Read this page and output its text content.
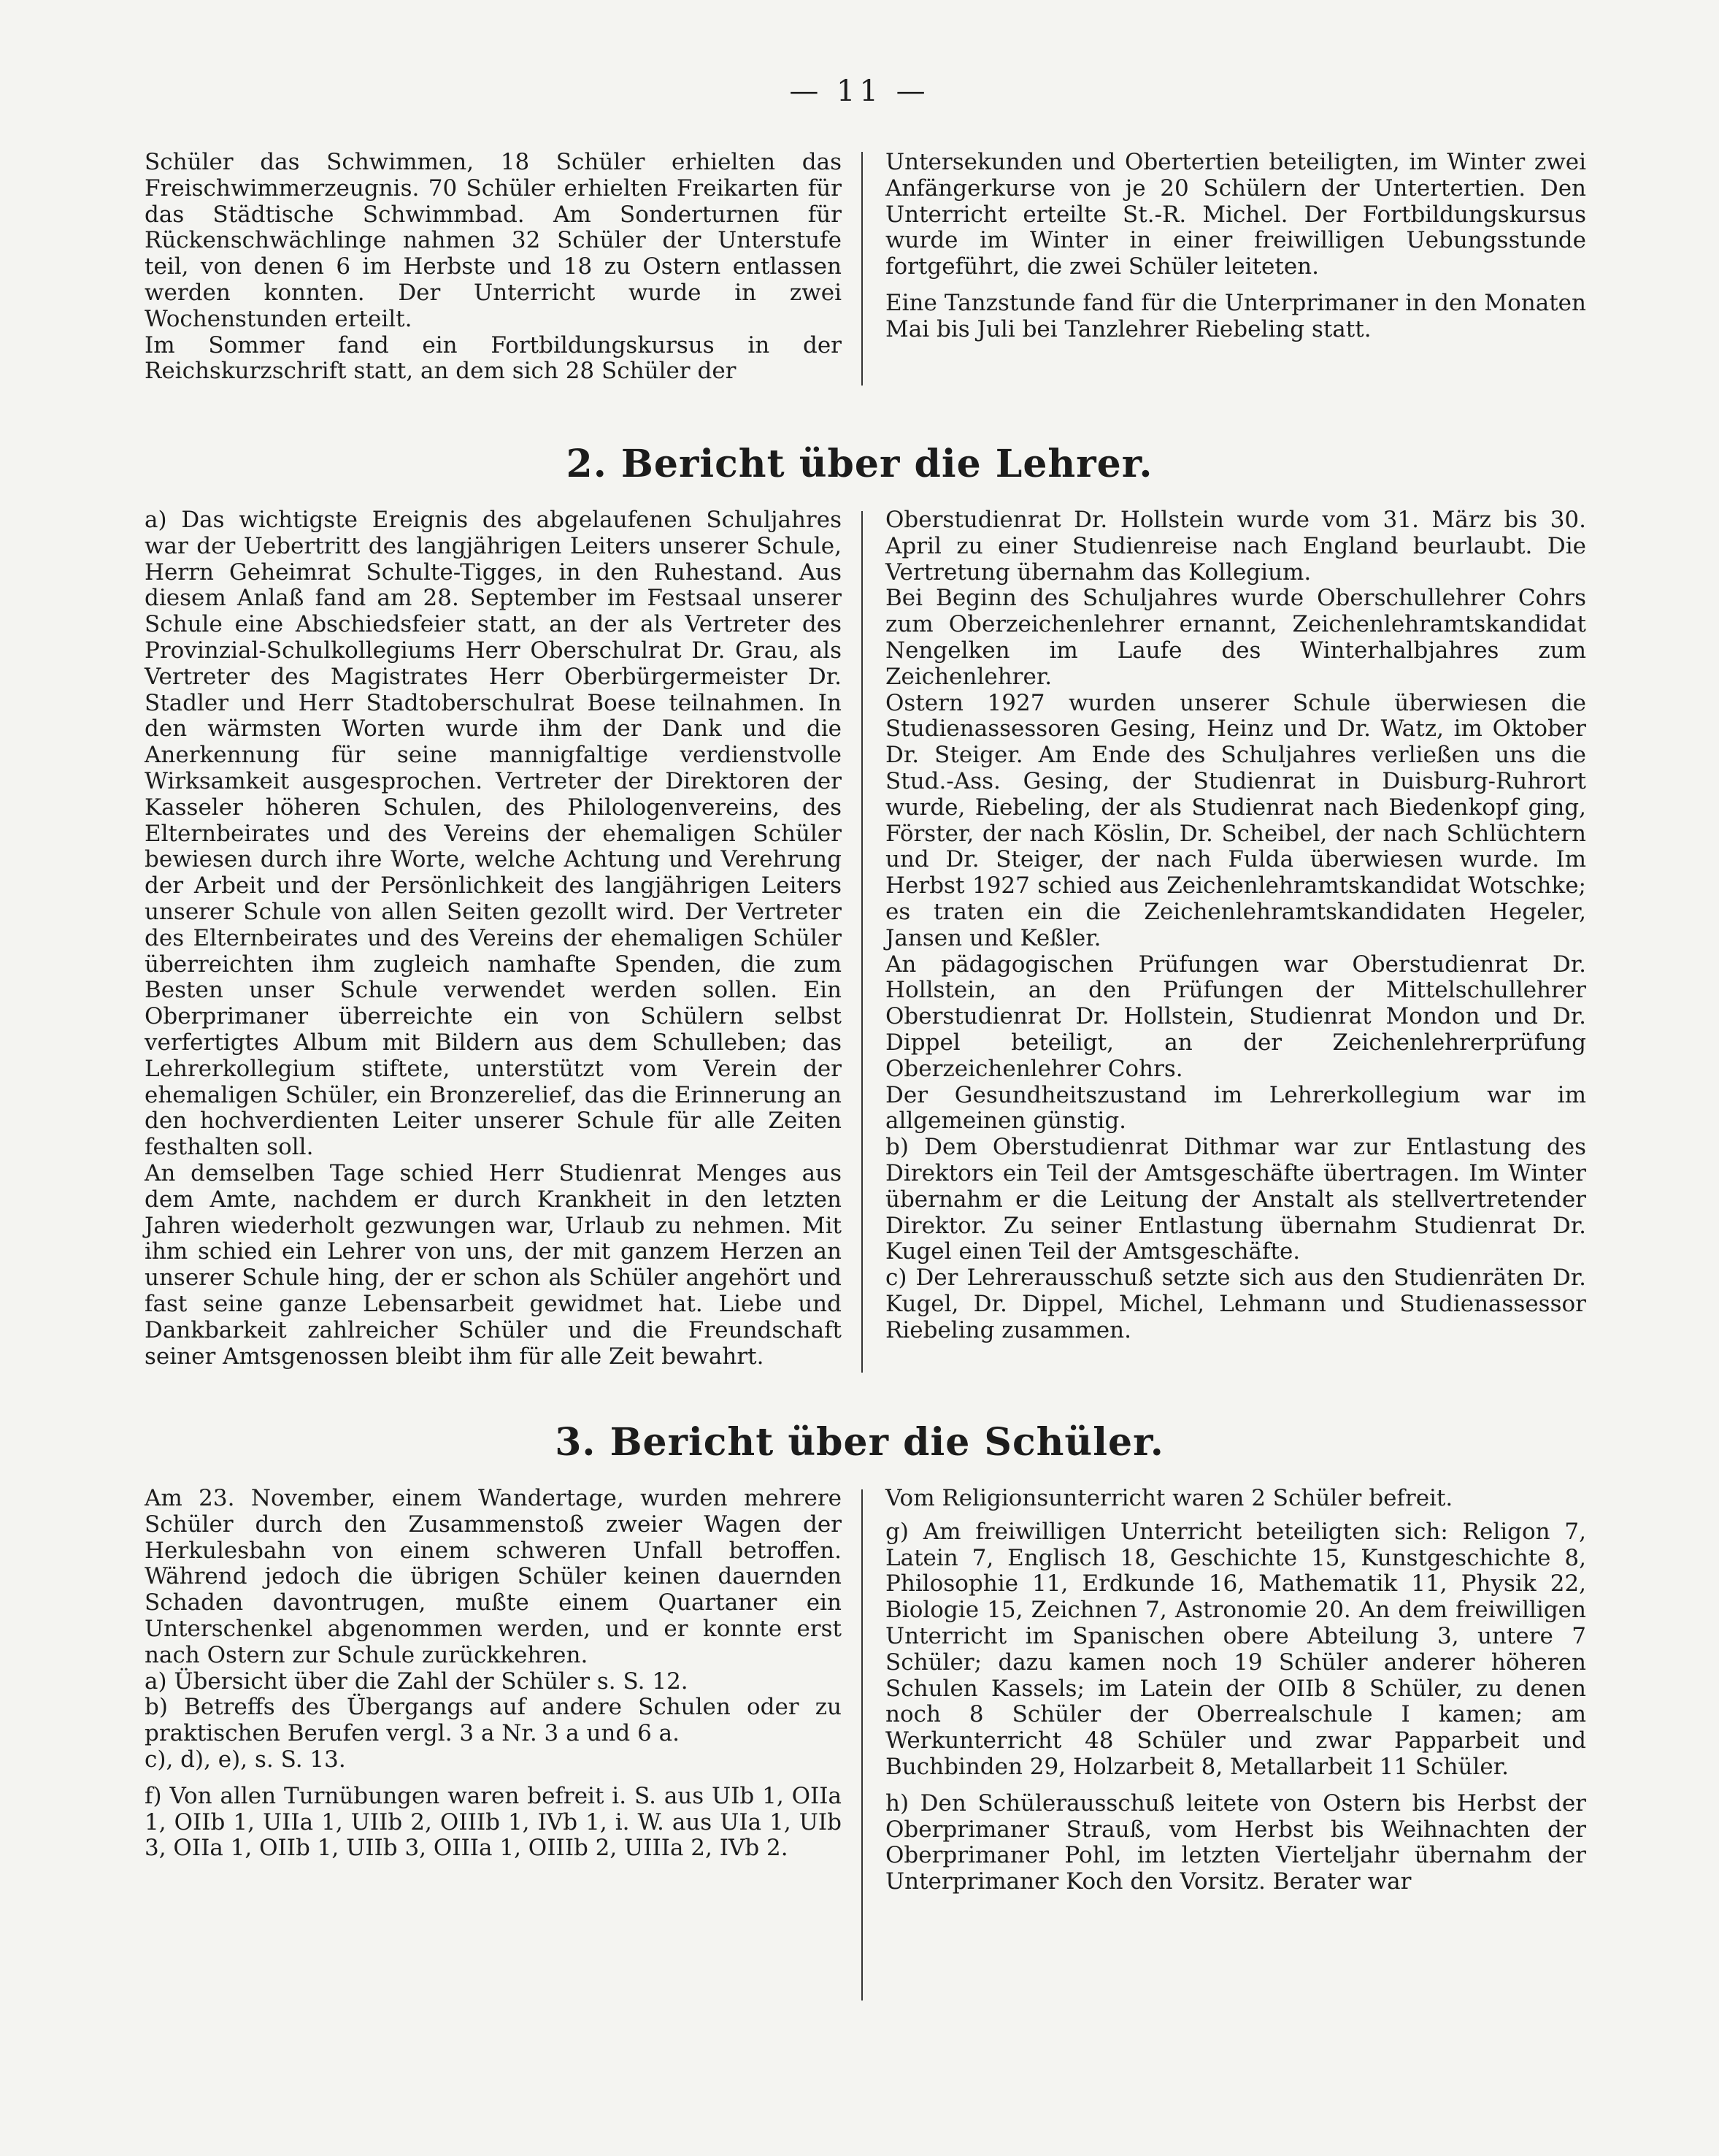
— 11 —

Schüler das Schwimmen, 18 Schüler erhielten das Freischwimmerzeugnis. 70 Schüler erhielten Freikarten für das Städtische Schwimmbad. Am Sonderturnen für Rückenschwächlinge nahmen 32 Schüler der Unterstufe teil, von denen 6 im Herbste und 18 zu Ostern entlassen werden konnten. Der Unterricht wurde in zwei Wochenstunden erteilt.

Im Sommer fand ein Fortbildungskursus in der Reichskurzschrift statt, an dem sich 28 Schüler der

Untersekunden und Obertertien beteiligten, im Winter zwei Anfängerkurse von je 20 Schülern der Untertertien. Den Unterricht erteilte St.-R. Michel. Der Fortbildungskursus wurde im Winter in einer freiwilligen Uebungsstunde fortgeführt, die zwei Schüler leiteten.

Eine Tanzstunde fand für die Unterprimaner in den Monaten Mai bis Juli bei Tanzlehrer Riebeling statt.

2. Bericht über die Lehrer.

a) Das wichtigste Ereignis des abgelaufenen Schuljahres war der Uebertritt des langjährigen Leiters unserer Schule, Herrn Geheimrat Schulte-Tigges, in den Ruhestand. Aus diesem Anlaß fand am 28. September im Festsaal unserer Schule eine Abschiedsfeier statt, an der als Vertreter des Provinzial-Schulkollegiums Herr Oberschulrat Dr. Grau, als Vertreter des Magistrates Herr Oberbürgermeister Dr. Stadler und Herr Stadtoberschulrat Boese teilnahmen. In den wärmsten Worten wurde ihm der Dank und die Anerkennung für seine mannigfaltige verdienstvolle Wirksamkeit ausgesprochen. Vertreter der Direktoren der Kasseler höheren Schulen, des Philologenvereins, des Elternbeirates und des Vereins der ehemaligen Schüler bewiesen durch ihre Worte, welche Achtung und Verehrung der Arbeit und der Persönlichkeit des langjährigen Leiters unserer Schule von allen Seiten gezollt wird. Der Vertreter des Elternbeirates und des Vereins der ehemaligen Schüler überreichten ihm zugleich namhafte Spenden, die zum Besten unser Schule verwendet werden sollen. Ein Oberprimaner überreichte ein von Schülern selbst verfertigtes Album mit Bildern aus dem Schulleben; das Lehrerkollegium stiftete, unterstützt vom Verein der ehemaligen Schüler, ein Bronzerelief, das die Erinnerung an den hochverdienten Leiter unserer Schule für alle Zeiten festhalten soll.

An demselben Tage schied Herr Studienrat Menges aus dem Amte, nachdem er durch Krankheit in den letzten Jahren wiederholt gezwungen war, Urlaub zu nehmen. Mit ihm schied ein Lehrer von uns, der mit ganzem Herzen an unserer Schule hing, der er schon als Schüler angehört und fast seine ganze Lebensarbeit gewidmet hat. Liebe und Dankbarkeit zahlreicher Schüler und die Freundschaft seiner Amtsgenossen bleibt ihm für alle Zeit bewahrt.

Oberstudienrat Dr. Hollstein wurde vom 31. März bis 30. April zu einer Studienreise nach England beurlaubt. Die Vertretung übernahm das Kollegium.

Bei Beginn des Schuljahres wurde Oberschullehrer Cohrs zum Oberzeichenlehrer ernannt, Zeichenlehramtskandidat Nengelken im Laufe des Winterhalbjahres zum Zeichenlehrer.

Ostern 1927 wurden unserer Schule überwiesen die Studienassessoren Gesing, Heinz und Dr. Watz, im Oktober Dr. Steiger. Am Ende des Schuljahres verließen uns die Stud.-Ass. Gesing, der Studienrat in Duisburg-Ruhrort wurde, Riebeling, der als Studienrat nach Biedenkopf ging, Förster, der nach Köslin, Dr. Scheibel, der nach Schlüchtern und Dr. Steiger, der nach Fulda überwiesen wurde. Im Herbst 1927 schied aus Zeichenlehramtskandidat Wotschke; es traten ein die Zeichenlehramtskandidaten Hegeler, Jansen und Keßler.

An pädagogischen Prüfungen war Oberstudienrat Dr. Hollstein, an den Prüfungen der Mittelschullehrer Oberstudienrat Dr. Hollstein, Studienrat Mondon und Dr. Dippel beteiligt, an der Zeichenlehrerprüfung Oberzeichenlehrer Cohrs.

Der Gesundheitszustand im Lehrerkollegium war im allgemeinen günstig.

b) Dem Oberstudienrat Dithmar war zur Entlastung des Direktors ein Teil der Amtsgeschäfte übertragen. Im Winter übernahm er die Leitung der Anstalt als stellvertretender Direktor. Zu seiner Entlastung übernahm Studienrat Dr. Kugel einen Teil der Amtsgeschäfte.

c) Der Lehrerausschuß setzte sich aus den Studienräten Dr. Kugel, Dr. Dippel, Michel, Lehmann und Studienassessor Riebeling zusammen.

3. Bericht über die Schüler.

Am 23. November, einem Wandertage, wurden mehrere Schüler durch den Zusammenstoß zweier Wagen der Herkulesbahn von einem schweren Unfall betroffen. Während jedoch die übrigen Schüler keinen dauernden Schaden davontrugen, mußte einem Quartaner ein Unterschenkel abgenommen werden, und er konnte erst nach Ostern zur Schule zurückkehren.

a) Übersicht über die Zahl der Schüler s. S. 12.

b) Betreffs des Übergangs auf andere Schulen oder zu praktischen Berufen vergl. 3 a Nr. 3 a und 6 a.

c), d), e), s. S. 13.

f) Von allen Turnübungen waren befreit i. S. aus UIb 1, OIIa 1, OIIb 1, UIIa 1, UIIb 2, OIIIb 1, IVb 1, i. W. aus UIa 1, UIb 3, OIIa 1, OIIb 1, UIIb 3, OIIIa 1, OIIIb 2, UIIIa 2, IVb 2.

Vom Religionsunterricht waren 2 Schüler befreit.

g) Am freiwilligen Unterricht beteiligten sich: Religon 7, Latein 7, Englisch 18, Geschichte 15, Kunstgeschichte 8, Philosophie 11, Erdkunde 16, Mathematik 11, Physik 22, Biologie 15, Zeichnen 7, Astronomie 20. An dem freiwilligen Unterricht im Spanischen obere Abteilung 3, untere 7 Schüler; dazu kamen noch 19 Schüler anderer höheren Schulen Kassels; im Latein der OIIb 8 Schüler, zu denen noch 8 Schüler der Oberrealschule I kamen; am Werkunterricht 48 Schüler und zwar Papparbeit und Buchbinden 29, Holzarbeit 8, Metallarbeit 11 Schüler.

h) Den Schülerausschuß leitete von Ostern bis Herbst der Oberprimaner Strauß, vom Herbst bis Weihnachten der Oberprimaner Pohl, im letzten Vierteljahr übernahm der Unterprimaner Koch den Vorsitz. Berater war
